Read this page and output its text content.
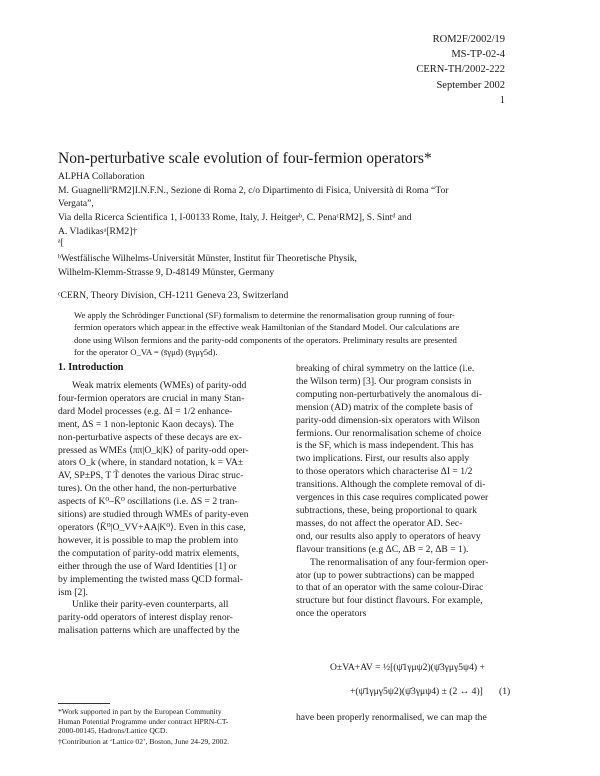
ROM2F/2002/19
MS-TP-02-4
CERN-TH/2002-222
September 2002
1
Non-perturbative scale evolution of four-fermion operators*
ALPHA Collaboration
M. GuagnelliªRM2]I.N.F.N., Sezione di Roma 2, c/o Dipartimento di Fisica, Università di Roma “Tor
Vergata”,
Via della Ricerca Scientifica 1, I-00133 Rome, Italy, J. Heitgerᵇ, C. PenaᶜRM2], S. Sintᵈ and
A. Vladikasᵃ[RM2]†
ᵃ[
ᵇWestfälische Wilhelms-Universität Münster, Institut für Theoretische Physik,
Wilhelm-Klemm-Strasse 9, D-48149 Münster, Germany
ᶜCERN, Theory Division, CH-1211 Geneva 23, Switzerland
We apply the Schrödinger Functional (SF) formalism to determine the renormalisation group running of four-
fermion operators which appear in the effective weak Hamiltonian of the Standard Model. Our calculations are
done using Wilson fermions and the parity-odd components of the operators. Preliminary results are presented
for the operator O_VA = (s̄γμd) (s̄γμγ5d).
1. Introduction
Weak matrix elements (WMEs) of parity-odd
four-fermion operators are crucial in many Stan-
dard Model processes (e.g. ΔI = 1/2 enhance-
ment, ΔS = 1 non-leptonic Kaon decays). The
non-perturbative aspects of these decays are ex-
pressed as WMEs ⟨ππ|O_k|K⟩ of parity-odd oper-
ators O_k (where, in standard notation, k = VA±
AV, SP±PS, T T̃ denotes the various Dirac struc-
tures). On the other hand, the non-perturbative
aspects of K⁰–K̄⁰ oscillations (i.e. ΔS = 2 tran-
sitions) are studied through WMEs of parity-even
operators ⟨K̄⁰|O_VV+AA|K⁰⟩. Even in this case,
however, it is possible to map the problem into
the computation of parity-odd matrix elements,
either through the use of Ward Identities [1] or
by implementing the twisted mass QCD formal-
ism [2].
Unlike their parity-even counterparts, all
parity-odd operators of interest display renor-
malisation patterns which are unaffected by the
*Work supported in part by the European Community
Human Potential Programme under contract HPRN-CT-
2000-00145, Hadrons/Lattice QCD.
†Contribution at ‘Lattice 02’, Boston, June 24-29, 2002.
breaking of chiral symmetry on the lattice (i.e.
the Wilson term) [3]. Our program consists in
computing non-perturbatively the anomalous di-
mension (AD) matrix of the complete basis of
parity-odd dimension-six operators with Wilson
fermions. Our renormalisation scheme of choice
is the SF, which is mass independent. This has
two implications. First, our results also apply
to those operators which characterise ΔI = 1/2
transitions. Although the complete removal of di-
vergences in this case requires complicated power
subtractions, these, being proportional to quark
masses, do not affect the operator AD. Sec-
ond, our results also apply to operators of heavy
flavour transitions (e.g ΔC, ΔB = 2, ΔB = 1).
The renormalisation of any four-fermion oper-
ator (up to power subtractions) can be mapped
to that of an operator with the same colour-Dirac
structure but four distinct flavours. For example,
once the operators
O±VA+AV = ½[(ψ̄1γμψ2)(ψ̄3γμγ5ψ4) +
+(ψ̄1γμγ5ψ2)(ψ̄3γμψ4) ± (2 ↔ 4)] (1)
have been properly renormalised, we can map the
